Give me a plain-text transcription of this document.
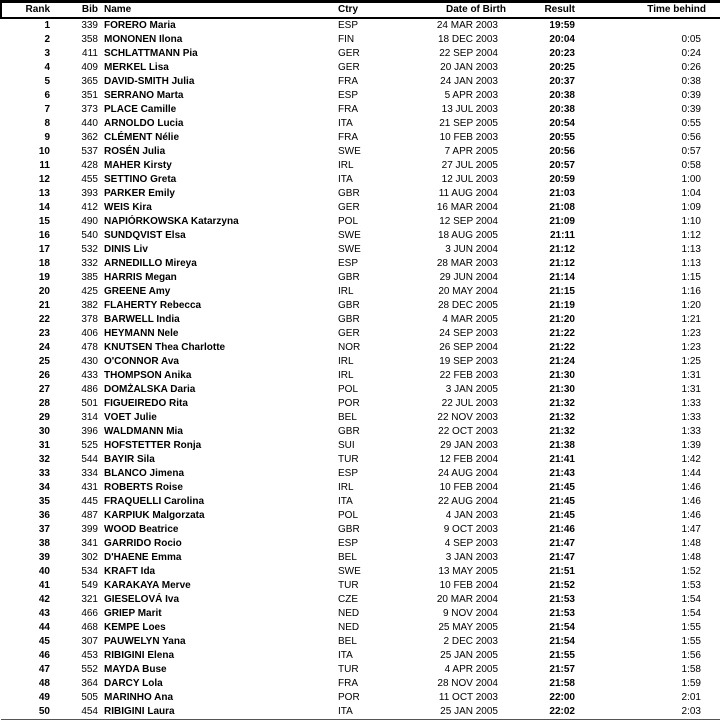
Rank	Bib	Name	Ctry	Date of Birth	Result	Time behind
1	339	FORERO Maria	ESP	24 MAR 2003	19:59	
2	358	MONONEN Ilona	FIN	18 DEC 2003	20:04	0:05
3	411	SCHLATTMANN Pia	GER	22 SEP 2004	20:23	0:24
4	409	MERKEL Lisa	GER	20 JAN 2003	20:25	0:26
5	365	DAVID-SMITH Julia	FRA	24 JAN 2003	20:37	0:38
6	351	SERRANO Marta	ESP	5 APR 2003	20:38	0:39
7	373	PLACE Camille	FRA	13 JUL 2003	20:38	0:39
8	440	ARNOLDO Lucia	ITA	21 SEP 2005	20:54	0:55
9	362	CLÉMENT Nélie	FRA	10 FEB 2003	20:55	0:56
10	537	ROSÉN Julia	SWE	7 APR 2005	20:56	0:57
11	428	MAHER Kirsty	IRL	27 JUL 2005	20:57	0:58
12	455	SETTINO Greta	ITA	12 JUL 2003	20:59	1:00
13	393	PARKER Emily	GBR	11 AUG 2004	21:03	1:04
14	412	WEIS Kira	GER	16 MAR 2004	21:08	1:09
15	490	NAPIÓRKOWSKA Katarzyna	POL	12 SEP 2004	21:09	1:10
16	540	SUNDQVIST Elsa	SWE	18 AUG 2005	21:11	1:12
17	532	DINIS Liv	SWE	3 JUN 2004	21:12	1:13
18	332	ARNEDILLO Mireya	ESP	28 MAR 2003	21:12	1:13
19	385	HARRIS Megan	GBR	29 JUN 2004	21:14	1:15
20	425	GREENE Amy	IRL	20 MAY 2004	21:15	1:16
21	382	FLAHERTY Rebecca	GBR	28 DEC 2005	21:19	1:20
22	378	BARWELL India	GBR	4 MAR 2005	21:20	1:21
23	406	HEYMANN Nele	GER	24 SEP 2003	21:22	1:23
24	478	KNUTSEN Thea Charlotte	NOR	26 SEP 2004	21:22	1:23
25	430	O'CONNOR Ava	IRL	19 SEP 2003	21:24	1:25
26	433	THOMPSON Anika	IRL	22 FEB 2003	21:30	1:31
27	486	DOMŻALSKA Daria	POL	3 JAN 2005	21:30	1:31
28	501	FIGUEIREDO Rita	POR	22 JUL 2003	21:32	1:33
29	314	VOET Julie	BEL	22 NOV 2003	21:32	1:33
30	396	WALDMANN Mia	GBR	22 OCT 2003	21:32	1:33
31	525	HOFSTETTER Ronja	SUI	29 JAN 2003	21:38	1:39
32	544	BAYIR Sila	TUR	12 FEB 2004	21:41	1:42
33	334	BLANCO Jimena	ESP	24 AUG 2004	21:43	1:44
34	431	ROBERTS Roise	IRL	10 FEB 2004	21:45	1:46
35	445	FRAQUELLI Carolina	ITA	22 AUG 2004	21:45	1:46
36	487	KARPIUK Malgorzata	POL	4 JAN 2003	21:45	1:46
37	399	WOOD Beatrice	GBR	9 OCT 2003	21:46	1:47
38	341	GARRIDO Rocio	ESP	4 SEP 2003	21:47	1:48
39	302	D'HAENE Emma	BEL	3 JAN 2003	21:47	1:48
40	534	KRAFT Ida	SWE	13 MAY 2005	21:51	1:52
41	549	KARAKAYA Merve	TUR	10 FEB 2004	21:52	1:53
42	321	GIESELOVÁ Iva	CZE	20 MAR 2004	21:53	1:54
43	466	GRIEP Marit	NED	9 NOV 2004	21:53	1:54
44	468	KEMPE Loes	NED	25 MAY 2005	21:54	1:55
45	307	PAUWELYN Yana	BEL	2 DEC 2003	21:54	1:55
46	453	RIBIGINI Elena	ITA	25 JAN 2005	21:55	1:56
47	552	MAYDA Buse	TUR	4 APR 2005	21:57	1:58
48	364	DARCY Lola	FRA	28 NOV 2004	21:58	1:59
49	505	MARINHO Ana	POR	11 OCT 2003	22:00	2:01
50	454	RIBIGINI Laura	ITA	25 JAN 2005	22:02	2:03
